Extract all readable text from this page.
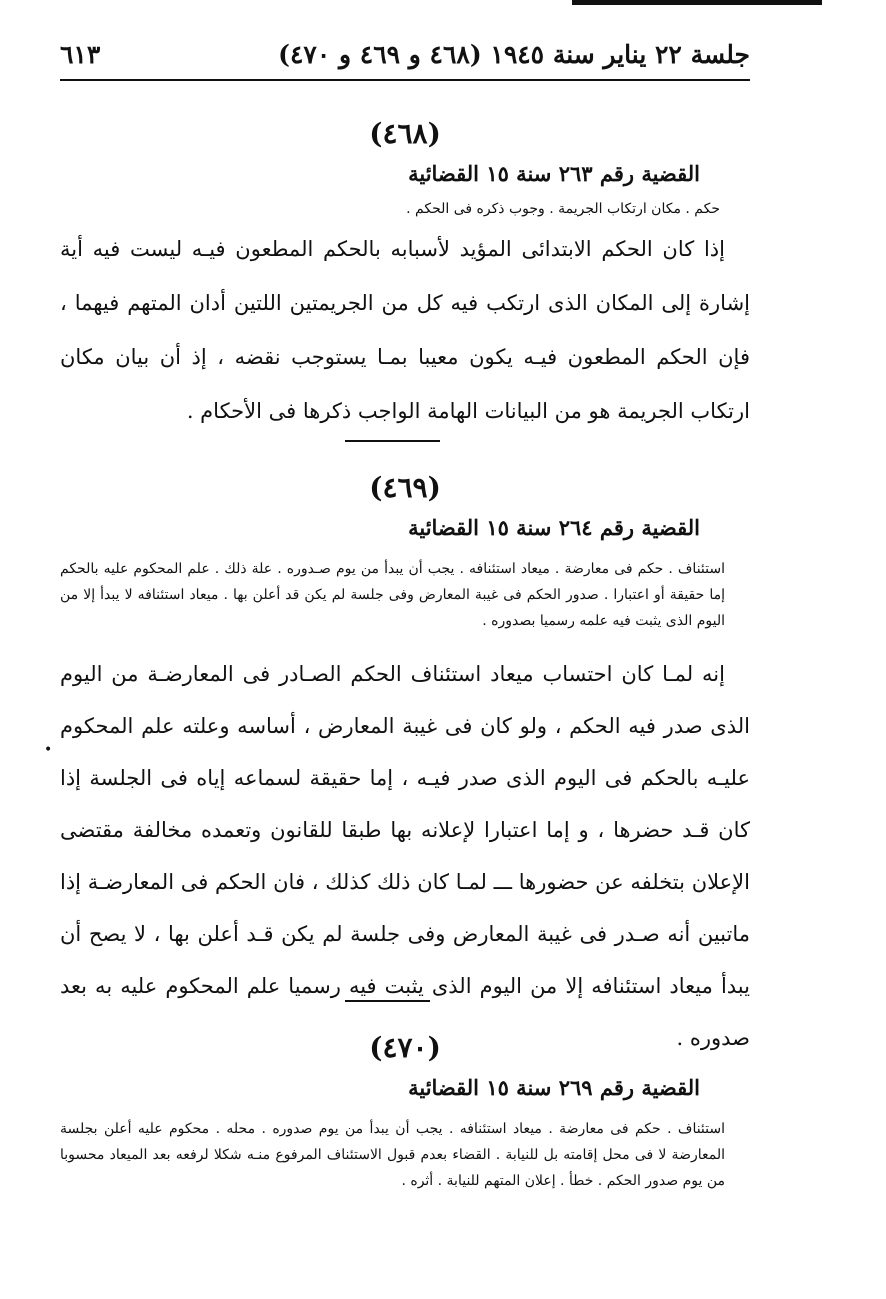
جلسة ٢٢ يناير سنة ١٩٤٥ (٤٦٨ و ٤٦٩ و ٤٧٠)
٦١٣
(٤٦٨)
القضية رقم ٢٦٣ سنة ١٥ القضائية
حكم . مكان ارتكاب الجريمة . وجوب ذكره فى الحكم .
إذا كان الحكم الابتدائى المؤيد لأسبابه بالحكم المطعون فيـه ليست فيه أية إشارة إلى المكان الذى ارتكب فيه كل من الجريمتين اللتين أدان المتهم فيهما ، فإن الحكم المطعون فيـه يكون معيبا بمـا يستوجب نقضه ، إذ أن بيان مكان ارتكاب الجريمة هو من البيانات الهامة الواجب ذكرها فى الأحكام .
(٤٦٩)
القضية رقم ٢٦٤ سنة ١٥ القضائية
استئناف . حكم فى معارضة . ميعاد استئنافه . يجب أن يبدأ من يوم صـدوره . علة ذلك . علم المحكوم عليه بالحكم إما حقيقة أو اعتبارا . صدور الحكم فى غيبة المعارض وفى جلسة لم يكن قد أعلن بها . ميعاد استئنافه لا يبدأ إلا من اليوم الذى يثبت فيه علمه رسميا بصدوره .
إنه لمـا كان احتساب ميعاد استئناف الحكم الصـادر فى المعارضـة من اليوم الذى صدر فيه الحكم ، ولو كان فى غيبة المعارض ، أساسه وعلته علم المحكوم عليـه بالحكم فى اليوم الذى صدر فيـه ، إما حقيقة لسماعه إياه فى الجلسة إذا كان قـد حضرها ، و إما اعتبارا لإعلانه بها طبقا للقانون وتعمده مخالفة مقتضى الإعلان بتخلفه عن حضورها ـــ لمـا كان ذلك كذلك ، فان الحكم فى المعارضـة إذا ماتبين أنه صـدر فى غيبة المعارض وفى جلسة لم يكن قـد أعلن بها ، لا يصح أن يبدأ ميعاد استئنافه إلا من اليوم الذى يثبت فيه رسميا علم المحكوم عليه به بعد صدوره .
•
(٤٧٠)
القضية رقم ٢٦٩ سنة ١٥ القضائية
استئناف . حكم فى معارضة . ميعاد استئنافه . يجب أن يبدأ من يوم صدوره . محله . محكوم عليه أعلن بجلسة المعارضة لا فى محل إقامته بل للنيابة . القضاء بعدم قبول الاستئناف المرفوع منـه شكلا لرفعه بعد الميعاد محسوبا من يوم صدور الحكم . خطأ . إعلان المتهم للنيابة . أثره .
